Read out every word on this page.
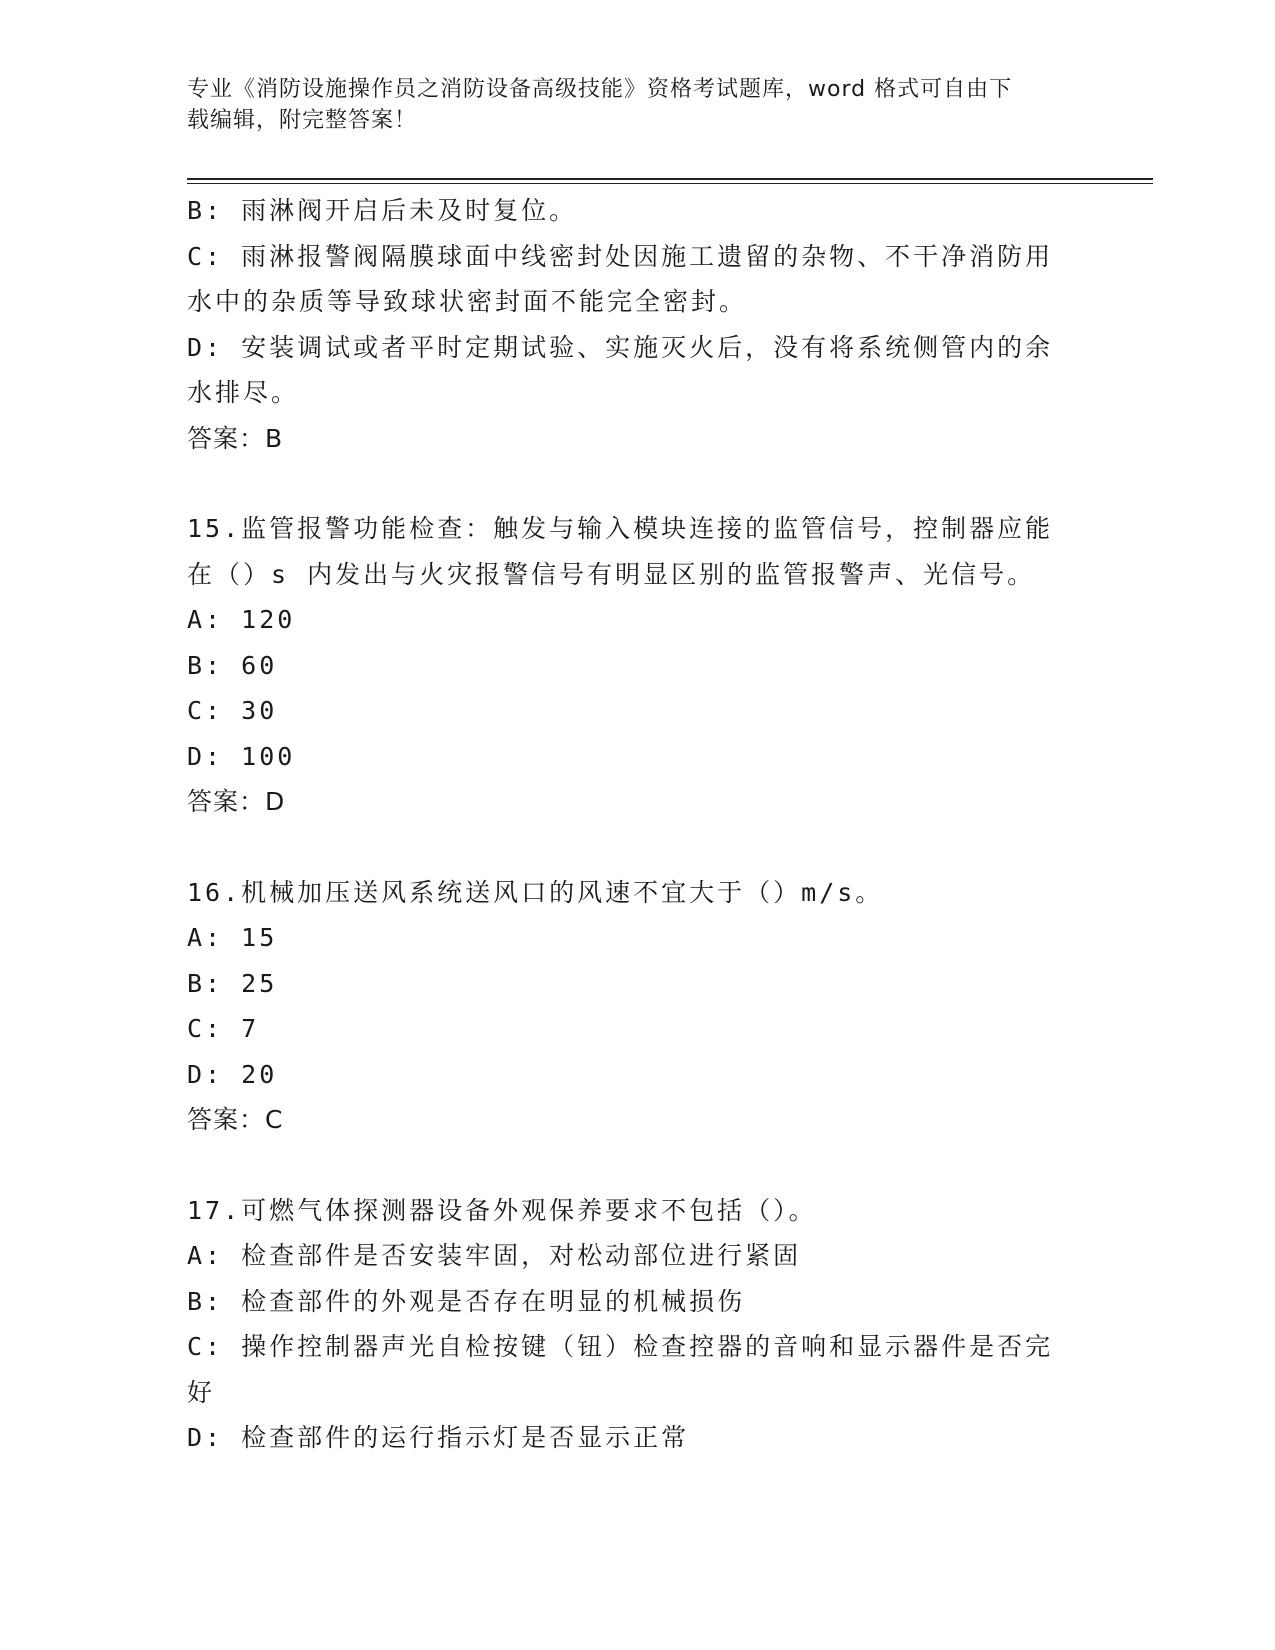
专业《消防设施操作员之消防设备高级技能》资格考试题库，word 格式可自由下
载编辑，附完整答案！
B: 雨淋阀开启后未及时复位。
C: 雨淋报警阀隔膜球面中线密封处因施工遗留的杂物、不干净消防用
水中的杂质等导致球状密封面不能完全密封。
D: 安装调试或者平时定期试验、实施灭火后，没有将系统侧管内的余
水排尽。
答案：B
15.监管报警功能检查：触发与输入模块连接的监管信号，控制器应能
在（）s 内发出与火灾报警信号有明显区别的监管报警声、光信号。
A: 120
B: 60
C: 30
D: 100
答案：D
16.机械加压送风系统送风口的风速不宜大于（）m/s。
A: 15
B: 25
C: 7
D: 20
答案：C
17.可燃气体探测器设备外观保养要求不包括（）。
A: 检查部件是否安装牢固，对松动部位进行紧固
B: 检查部件的外观是否存在明显的机械损伤
C: 操作控制器声光自检按键（钮）检查控器的音响和显示器件是否完
好
D: 检查部件的运行指示灯是否显示正常
